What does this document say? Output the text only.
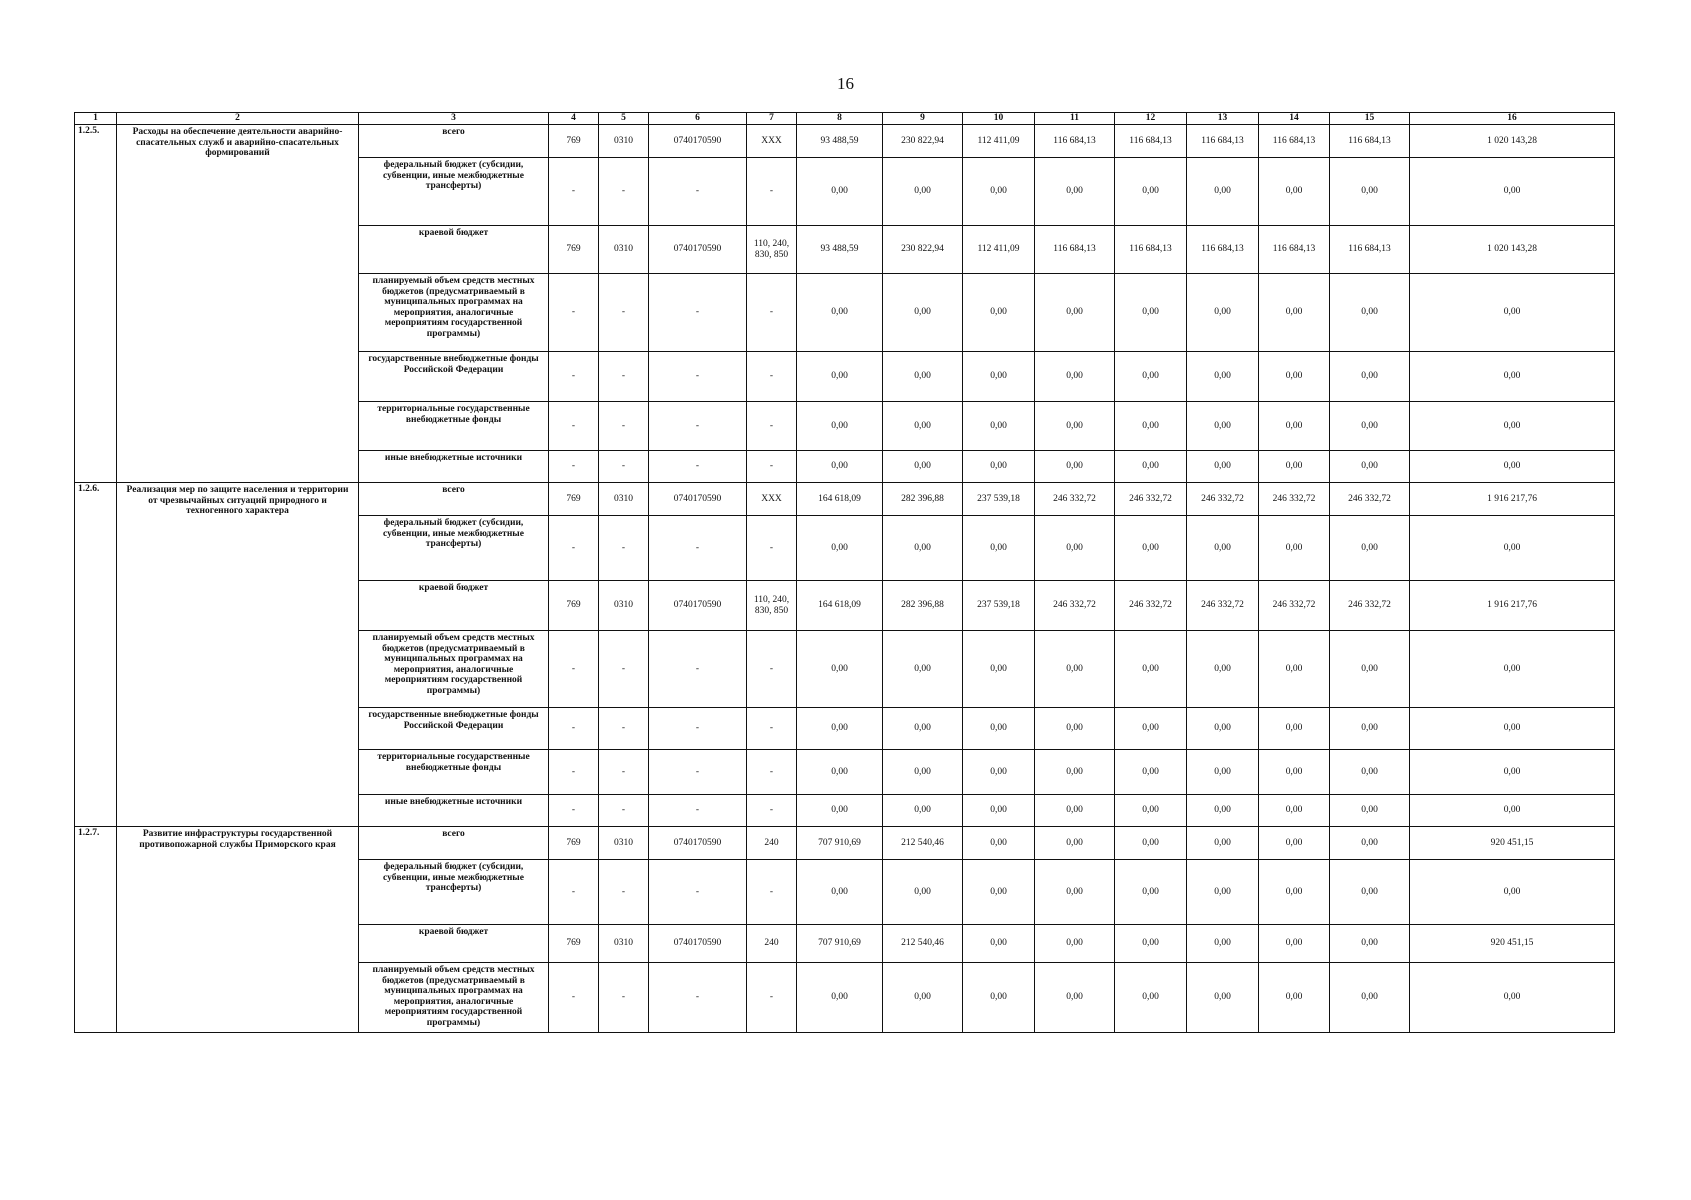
16
1	2	3	4	5	6	7	8	9	10	11	12	13	14	15	16
1.2.5.	Расходы на обеспечение деятельности аварийно-спасательных служб и аварийно-спасательных формирований	всего	769	0310	0740170590	XXX	93 488,59	230 822,94	112 411,09	116 684,13	116 684,13	116 684,13	116 684,13	116 684,13	1 020 143,28
		федеральный бюджет (субсидии, субвенции, иные межбюджетные трансферты)	-	-	-	-	0,00	0,00	0,00	0,00	0,00	0,00	0,00	0,00	0,00
		краевой бюджет	769	0310	0740170590	110, 240, 830, 850	93 488,59	230 822,94	112 411,09	116 684,13	116 684,13	116 684,13	116 684,13	116 684,13	1 020 143,28
		планируемый объем средств местных бюджетов (предусматриваемый в муниципальных программах на мероприятия, аналогичные мероприятиям государственной программы)	-	-	-	-	0,00	0,00	0,00	0,00	0,00	0,00	0,00	0,00	0,00
		государственные внебюджетные фонды Российской Федерации	-	-	-	-	0,00	0,00	0,00	0,00	0,00	0,00	0,00	0,00	0,00
		территориальные государственные внебюджетные фонды	-	-	-	-	0,00	0,00	0,00	0,00	0,00	0,00	0,00	0,00	0,00
		иные внебюджетные источники	-	-	-	-	0,00	0,00	0,00	0,00	0,00	0,00	0,00	0,00	0,00
1.2.6.	Реализация мер по защите населения и территории от чрезвычайных ситуаций природного и техногенного характера	всего	769	0310	0740170590	XXX	164 618,09	282 396,88	237 539,18	246 332,72	246 332,72	246 332,72	246 332,72	246 332,72	1 916 217,76
		федеральный бюджет (субсидии, субвенции, иные межбюджетные трансферты)	-	-	-	-	0,00	0,00	0,00	0,00	0,00	0,00	0,00	0,00	0,00
		краевой бюджет	769	0310	0740170590	110, 240, 830, 850	164 618,09	282 396,88	237 539,18	246 332,72	246 332,72	246 332,72	246 332,72	246 332,72	1 916 217,76
		планируемый объем средств местных бюджетов (предусматриваемый в муниципальных программах на мероприятия, аналогичные мероприятиям государственной программы)	-	-	-	-	0,00	0,00	0,00	0,00	0,00	0,00	0,00	0,00	0,00
		государственные внебюджетные фонды Российской Федерации	-	-	-	-	0,00	0,00	0,00	0,00	0,00	0,00	0,00	0,00	0,00
		территориальные государственные внебюджетные фонды	-	-	-	-	0,00	0,00	0,00	0,00	0,00	0,00	0,00	0,00	0,00
		иные внебюджетные источники	-	-	-	-	0,00	0,00	0,00	0,00	0,00	0,00	0,00	0,00	0,00
1.2.7.	Развитие инфраструктуры государственной противопожарной службы Приморского края	всего	769	0310	0740170590	240	707 910,69	212 540,46	0,00	0,00	0,00	0,00	0,00	0,00	920 451,15
		федеральный бюджет (субсидии, субвенции, иные межбюджетные трансферты)	-	-	-	-	0,00	0,00	0,00	0,00	0,00	0,00	0,00	0,00	0,00
		краевой бюджет	769	0310	0740170590	240	707 910,69	212 540,46	0,00	0,00	0,00	0,00	0,00	0,00	920 451,15
		планируемый объем средств местных бюджетов (предусматриваемый в муниципальных программах на мероприятия, аналогичные мероприятиям государственной программы)	-	-	-	-	0,00	0,00	0,00	0,00	0,00	0,00	0,00	0,00	0,00
